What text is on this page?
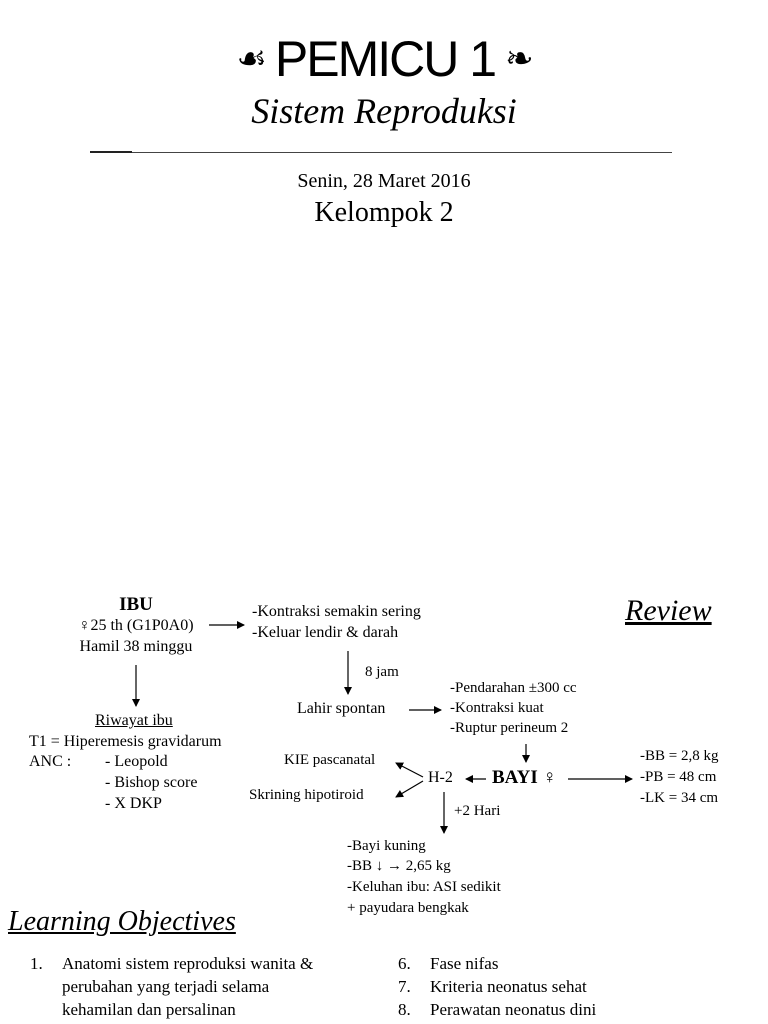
☙ PEMICU 1 ❧
Sistem Reproduksi
Senin, 28 Maret 2016
Kelompok 2
Review
IBU
♀25 th (G1P0A0)
Hamil 38 minggu
-Kontraksi semakin sering
-Keluar lendir & darah
8 jam
Lahir spontan
-Pendarahan ±300 cc
-Kontraksi kuat
-Ruptur perineum 2
Riwayat ibu
T1 = Hiperemesis gravidarum
ANC : - Leopold
- Bishop score
- X DKP
KIE pascanatal
Skrining hipotiroid
H-2 BAYI ♀
-BB = 2,8 kg
-PB = 48 cm
-LK = 34 cm
+2 Hari
-Bayi kuning
-BB ↓ → 2,65 kg
-Keluhan ibu: ASI sedikit
+ payudara bengkak
Learning Objectives
1. Anatomi sistem reproduksi wanita &
perubahan yang terjadi selama
kehamilan dan persalinan
6. Fase nifas
7. Kriteria neonatus sehat
8. Perawatan neonatus dini
